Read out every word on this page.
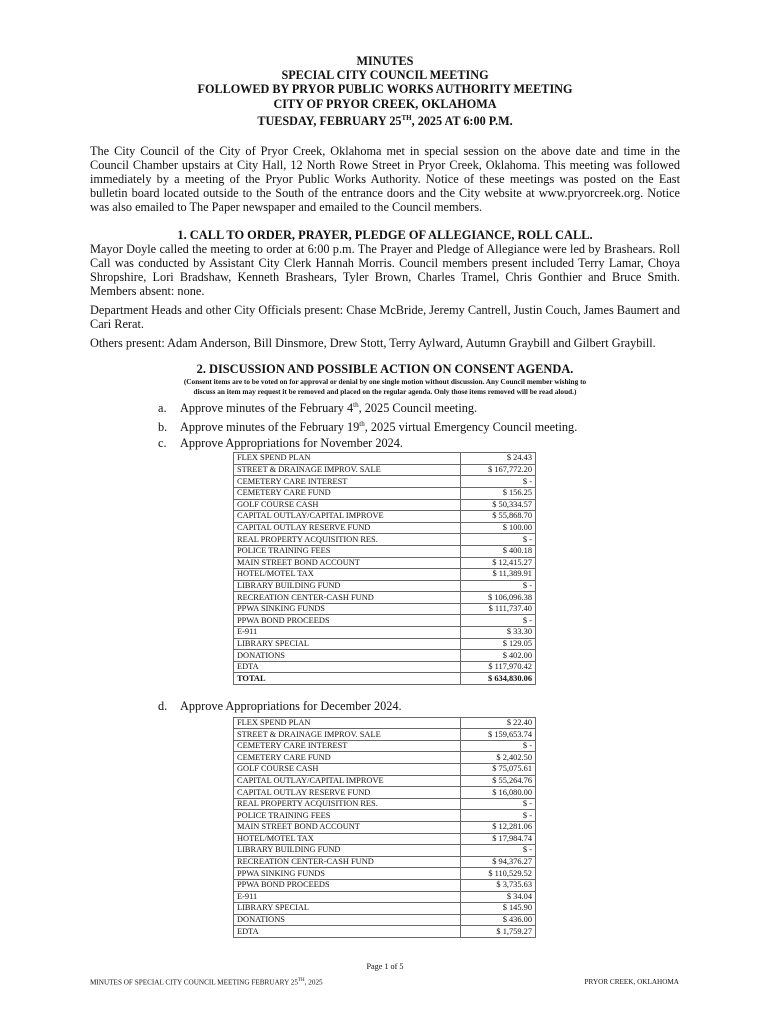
MINUTES
SPECIAL CITY COUNCIL MEETING
FOLLOWED BY PRYOR PUBLIC WORKS AUTHORITY MEETING
CITY OF PRYOR CREEK, OKLAHOMA
TUESDAY, FEBRUARY 25TH, 2025 AT 6:00 P.M.

The City Council of the City of Pryor Creek, Oklahoma met in special session on the above date and time in the Council Chamber upstairs at City Hall, 12 North Rowe Street in Pryor Creek, Oklahoma. This meeting was followed immediately by a meeting of the Pryor Public Works Authority. Notice of these meetings was posted on the East bulletin board located outside to the South of the entrance doors and the City website at www.pryorcreek.org. Notice was also emailed to The Paper newspaper and emailed to the Council members.

1. CALL TO ORDER, PRAYER, PLEDGE OF ALLEGIANCE, ROLL CALL.

Mayor Doyle called the meeting to order at 6:00 p.m. The Prayer and Pledge of Allegiance were led by Brashears. Roll Call was conducted by Assistant City Clerk Hannah Morris. Council members present included Terry Lamar, Choya Shropshire, Lori Bradshaw, Kenneth Brashears, Tyler Brown, Charles Tramel, Chris Gonthier and Bruce Smith. Members absent: none.

Department Heads and other City Officials present: Chase McBride, Jeremy Cantrell, Justin Couch, James Baumert and Cari Rerat.

Others present: Adam Anderson, Bill Dinsmore, Drew Stott, Terry Aylward, Autumn Graybill and Gilbert Graybill.

2. DISCUSSION AND POSSIBLE ACTION ON CONSENT AGENDA.

(Consent items are to be voted on for approval or denial by one single motion without discussion. Any Council member wishing to
discuss an item may request it be removed and placed on the regular agenda. Only those items removed will be read aloud.)

a. Approve minutes of the February 4th, 2025 Council meeting.
b. Approve minutes of the February 19th, 2025 virtual Emergency Council meeting.
c. Approve Appropriations for November 2024.
FLEX SPEND PLAN	$ 24.43
STREET & DRAINAGE IMPROV. SALE	$ 167,772.20
CEMETERY CARE INTEREST	$ -
CEMETERY CARE FUND	$ 156.25
GOLF COURSE CASH	$ 50,334.57
CAPITAL OUTLAY/CAPITAL IMPROVE	$ 55,868.70
CAPITAL OUTLAY RESERVE FUND	$ 100.00
REAL PROPERTY ACQUISITION RES.	$ -
POLICE TRAINING FEES	$ 400.18
MAIN STREET BOND ACCOUNT	$ 12,415.27
HOTEL/MOTEL TAX	$ 11,389.91
LIBRARY BUILDING FUND	$ -
RECREATION CENTER-CASH FUND	$ 106,096.38
PPWA SINKING FUNDS	$ 111,737.40
PPWA BOND PROCEEDS	$ -
E-911	$ 33.30
LIBRARY SPECIAL	$ 129.05
DONATIONS	$ 402.00
EDTA	$ 117,970.42
TOTAL	$ 634,830.06
d. Approve Appropriations for December 2024.
FLEX SPEND PLAN	$ 22.40
STREET & DRAINAGE IMPROV. SALE	$ 159,653.74
CEMETERY CARE INTEREST	$ -
CEMETERY CARE FUND	$ 2,402.50
GOLF COURSE CASH	$ 75,075.61
CAPITAL OUTLAY/CAPITAL IMPROVE	$ 55,264.76
CAPITAL OUTLAY RESERVE FUND	$ 16,080.00
REAL PROPERTY ACQUISITION RES.	$ -
POLICE TRAINING FEES	$ -
MAIN STREET BOND ACCOUNT	$ 12,281.06
HOTEL/MOTEL TAX	$ 17,984.74
LIBRARY BUILDING FUND	$ -
RECREATION CENTER-CASH FUND	$ 94,376.27
PPWA SINKING FUNDS	$ 110,529.52
PPWA BOND PROCEEDS	$ 3,735.63
E-911	$ 34.04
LIBRARY SPECIAL	$ 145.90
DONATIONS	$ 436.00
EDTA	$ 1,759.27
Page 1 of 5
MINUTES OF SPECIAL CITY COUNCIL MEETING FEBRUARY 25TH, 2025	PRYOR CREEK, OKLAHOMA
